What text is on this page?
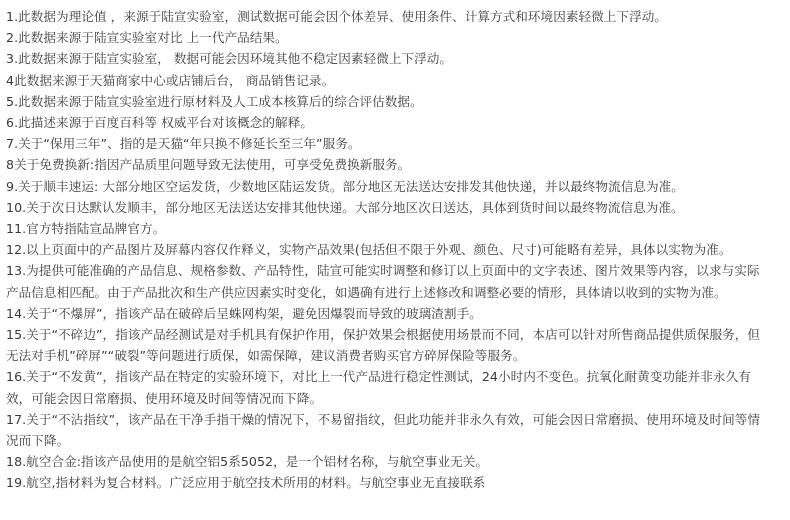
1.此数据为理论值 ，来源于陆宣实验室，测试数据可能会因个体差异、使用条件、计算方式和环境因素轻微上下浮动。
2.此数据来源于陆宣实验室对比 上一代产品结果。
3.此数据来源于陆宣实验室， 数据可能会因环境其他不稳定因素轻微上下浮动。
4此数据来源于天猫商家中心或店铺后台， 商品销售记录。
5.此数据来源于陆宣实验室进行原材料及人工成本核算后的综合评估数据。
6.此描述来源于百度百科等 权威平台对该概念的解释。
7.关于“保用三年”、指的是天猫“年只换不修延长至三年”服务。
8关于免费换新:指因产品质里问题导致无法使用，可享受免费换新服务。
9.关于顺丰速运: 大部分地区空运发货，少数地区陆运发货。部分地区无法送达安排发其他快递，并以最终物流信息为准。
10.关于次日达默认发顺丰，部分地区无法送达安排其他快递。大部分地区次日送达，具体到货时间以最终物流信息为准。
11.官方特指陆宣品牌官方。
12.以上页面中的产品图片及屏幕内容仅作释义，实物产品效果(包括但不限于外观、颜色、尺寸)可能略有差异，具体以实物为准。
13.为提供可能准确的产品信息、规格参数、产品特性，陆宣可能实时调整和修订以上页面中的文字表述、图片效果等内容，以求与实际产品信息相匹配。由于产品批次和生产供应因素实时变化，如遇确有进行上述修改和调整必要的情形，具体请以收到的实物为准。
14.关于“不爆屏”，指该产品在破碎后呈蛛网构架，避免因爆裂而导致的玻璃渣割手。
15.关于“不碎边”，指该产品经测试是对手机具有保护作用，保护效果会根据使用场景而不同，本店可以针对所售商品提供质保服务，但无法对手机”碎屏”“破裂”等问题进行质保，如需保障，建议消费者购买官方碎屏保险等服务。
16.关于“不发黄”，指该产品在特定的实验环境下，对比上一代产品进行稳定性测试，24小时内不变色。抗氧化耐黄变功能并非永久有效，可能会因日常磨损、使用环境及时间等情况而下降。
17.关于“不沾指纹”，该产品在干净手指干燥的情况下，不易留指纹，但此功能并非永久有效，可能会因日常磨损、使用环境及时间等情况而下降。
18.航空合金:指该产品使用的是航空铝5系5052，是一个铝材名称，与航空事业无关。
19.航空,指材料为复合材料。广泛应用于航空技术所用的材料。与航空事业无直接联系
